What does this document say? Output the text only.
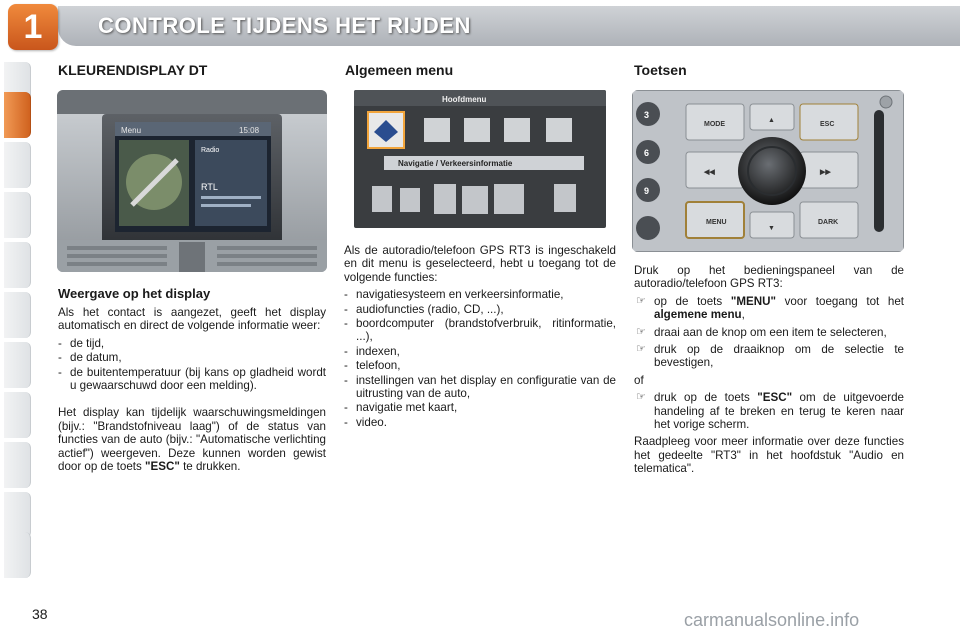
1	CONTROLE TIJDENS HET RIJDEN
KLEURENDISPLAY DT
Menu	15:08
Radio
RTL
Weergave op het display

Als het contact is aangezet, geeft het display automatisch en direct de volgende informatie weer:

- de tijd,
- de datum,
- de buitentemperatuur (bij kans op gladheid wordt u gewaarschuwd door een melding).

Het display kan tijdelijk waarschuwingsmeldingen (bijv.: "Brandstofniveau laag") of de status van functies van de auto (bijv.: "Automatische verlichting actief") weergeven. Deze kunnen worden gewist door op de toets "ESC" te drukken.

Algemeen menu
Hoofdmenu
Navigatie / Verkeersinformatie

Als de autoradio/telefoon GPS RT3 is ingeschakeld en dit menu is geselecteerd, hebt u toegang tot de volgende functies:

- navigatiesysteem en verkeersinformatie,
- audiofuncties (radio, CD, ...),
- boordcomputer (brandstofverbruik, ritinformatie, ...),
- indexen,
- telefoon,
- instellingen van het display en configuratie van de uitrusting van de auto,
- navigatie met kaart,
- video.
Toetsen
3
6
9
MODE	ESC
MENU	DARK
◀◀	▶▶
▲
▼

Druk op het bedieningspaneel van de autoradio/telefoon GPS RT3:

☞ op de toets "MENU" voor toegang tot het algemene menu,
☞ draai aan de knop om een item te selecteren,
☞ druk op de draaiknop om de selectie te bevestigen,

of

☞ druk op de toets "ESC" om de uitgevoerde handeling af te breken en terug te keren naar het vorige scherm.

Raadpleeg voor meer informatie over deze functies het gedeelte "RT3" in het hoofdstuk "Audio en telematica".

38	carmanualsonline.info
